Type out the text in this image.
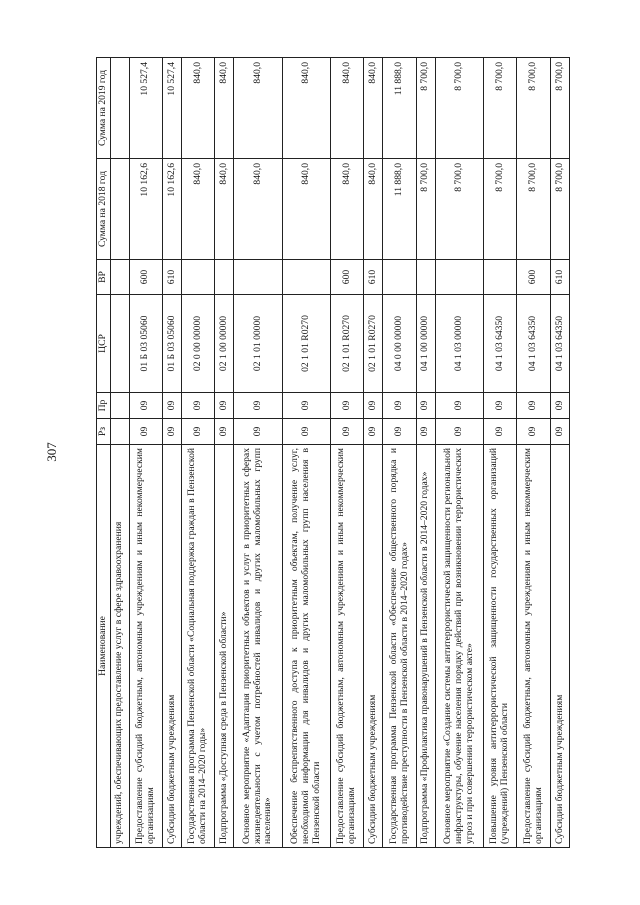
307
Наименование	Рз	Пр	ЦСР	ВР	Сумма на 2018 год	Сумма на 2019 год
учреждений, обеспечивающих предоставление услуг в сфере здравоохранения						
Предоставление субсидий бюджетным, автономным учреждениям и иным некоммерческим организациям	09	09	01 Б 03 05060	600	10 162,6	10 527,4
Субсидии бюджетным учреждениям	09	09	01 Б 03 05060	610	10 162,6	10 527,4
Государственная программа Пензенской области «Социальная поддержка граждан в Пензенской области на 2014–2020 годы»	09	09	02 0 00 00000		840,0	840,0
Подпрограмма «Доступная среда в Пензенской области»	09	09	02 1 00 00000		840,0	840,0
Основное мероприятие «Адаптация приоритетных объектов и услуг в приоритетных сферах жизнедеятельности с учетом потребностей инвалидов и других маломобильных групп населения»	09	09	02 1 01 00000		840,0	840,0
Обеспечение беспрепятственного доступа к приоритетным объектам, получение услуг, необходимой информации для инвалидов и других маломобильных групп населения в Пензенской области	09	09	02 1 01 R0270		840,0	840,0
Предоставление субсидий бюджетным, автономным учреждениям и иным некоммерческим организациям	09	09	02 1 01 R0270	600	840,0	840,0
Субсидии бюджетным учреждениям	09	09	02 1 01 R0270	610	840,0	840,0
Государственная программа Пензенской области «Обеспечение общественного порядка и противодействие преступности в Пензенской области в 2014–2020 годах»	09	09	04 0 00 00000		11 888,0	11 888,0
Подпрограмма «Профилактика правонарушений в Пензенской области в 2014–2020 годах»	09	09	04 1 00 00000		8 700,0	8 700,0
Основное мероприятие «Создание системы антитеррористической защищенности региональной инфраструктуры, обучение населения порядку действий при возникновении террористических угроз и при совершении террористическом акте»	09	09	04 1 03 00000		8 700,0	8 700,0
Повышение уровня антитеррористической защищенности государственных организаций (учреждений) Пензенской области	09	09	04 1 03 64350		8 700,0	8 700,0
Предоставление субсидий бюджетным, автономным учреждениям и иным некоммерческим организациям	09	09	04 1 03 64350	600	8 700,0	8 700,0
Субсидии бюджетным учреждениям	09	09	04 1 03 64350	610	8 700,0	8 700,0
